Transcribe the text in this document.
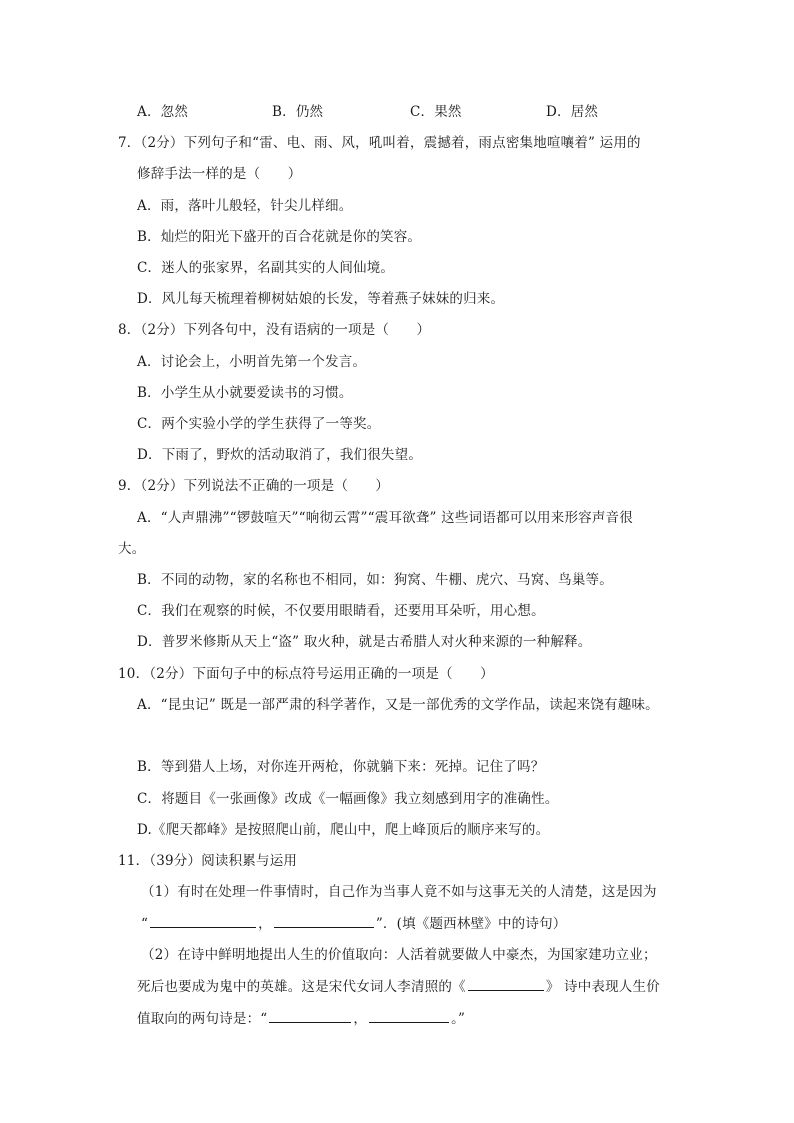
A．忽然	B．仍然	C．果然	D．居然
7．（2分）下列句子和“雷、电、雨、风，吼叫着，震撼着，雨点密集地喧嚷着” 运用的
修辞手法一样的是（　　）
A．雨，落叶儿般轻，针尖儿样细。
B．灿烂的阳光下盛开的百合花就是你的笑容。
C．迷人的张家界，名副其实的人间仙境。
D．风儿每天梳理着柳树姑娘的长发，等着燕子妹妹的归来。
8．（2分）下列各句中，没有语病的一项是（　　）
A．讨论会上，小明首先第一个发言。
B．小学生从小就要爱读书的习惯。
C．两个实验小学的学生获得了一等奖。
D．下雨了，野炊的活动取消了，我们很失望。
9．（2分）下列说法不正确的一项是（　　）
A．“人声鼎沸”“锣鼓喧天”“响彻云霄”“震耳欲聋” 这些词语都可以用来形容声音很
大。
B．不同的动物，家的名称也不相同，如：狗窝、牛棚、虎穴、马窝、鸟巢等。
C．我们在观察的时候，不仅要用眼睛看，还要用耳朵听，用心想。
D．普罗米修斯从天上“盗” 取火种，就是古希腊人对火种来源的一种解释。
10．（2分）下面句子中的标点符号运用正确的一项是（　　）
A．“昆虫记” 既是一部严肃的科学著作，又是一部优秀的文学作品，读起来饶有趣味。
B．等到猎人上场，对你连开两枪，你就躺下来：死掉。记住了吗？
C．将题目《一张画像》改成《一幅画像》我立刻感到用字的准确性。
D.《爬天都峰》是按照爬山前，爬山中，爬上峰顶后的顺序来写的。
11．（39分）阅读积累与运用
（1）有时在处理一件事情时，自己作为当事人竟不如与这事无关的人清楚，这是因为
“	，	”．(填《题西林壁》中的诗句）
（2）在诗中鲜明地提出人生的价值取向：人活着就要做人中豪杰，为国家建功立业；
死后也要成为鬼中的英雄。这是宋代女词人李清照的《	》 诗中表现人生价
值取向的两句诗是：“	，	。”
